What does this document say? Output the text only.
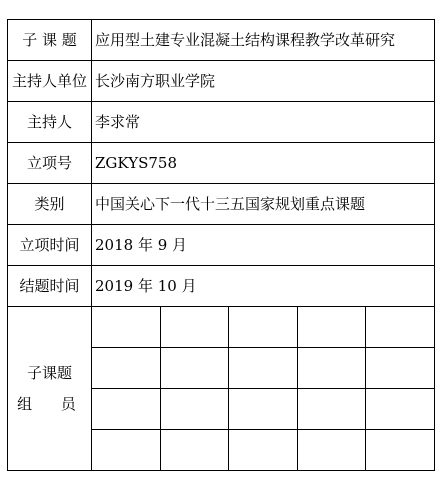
子 课 题	应用型土建专业混凝土结构课程教学改革研究
主持人单位	长沙南方职业学院
主持人	李求常
立项号	ZGKYS758
类别	中国关心下一代十三五国家规划重点课题
立项时间	2018 年 9 月
结题时间	2019 年 10 月

子课题
组 员
